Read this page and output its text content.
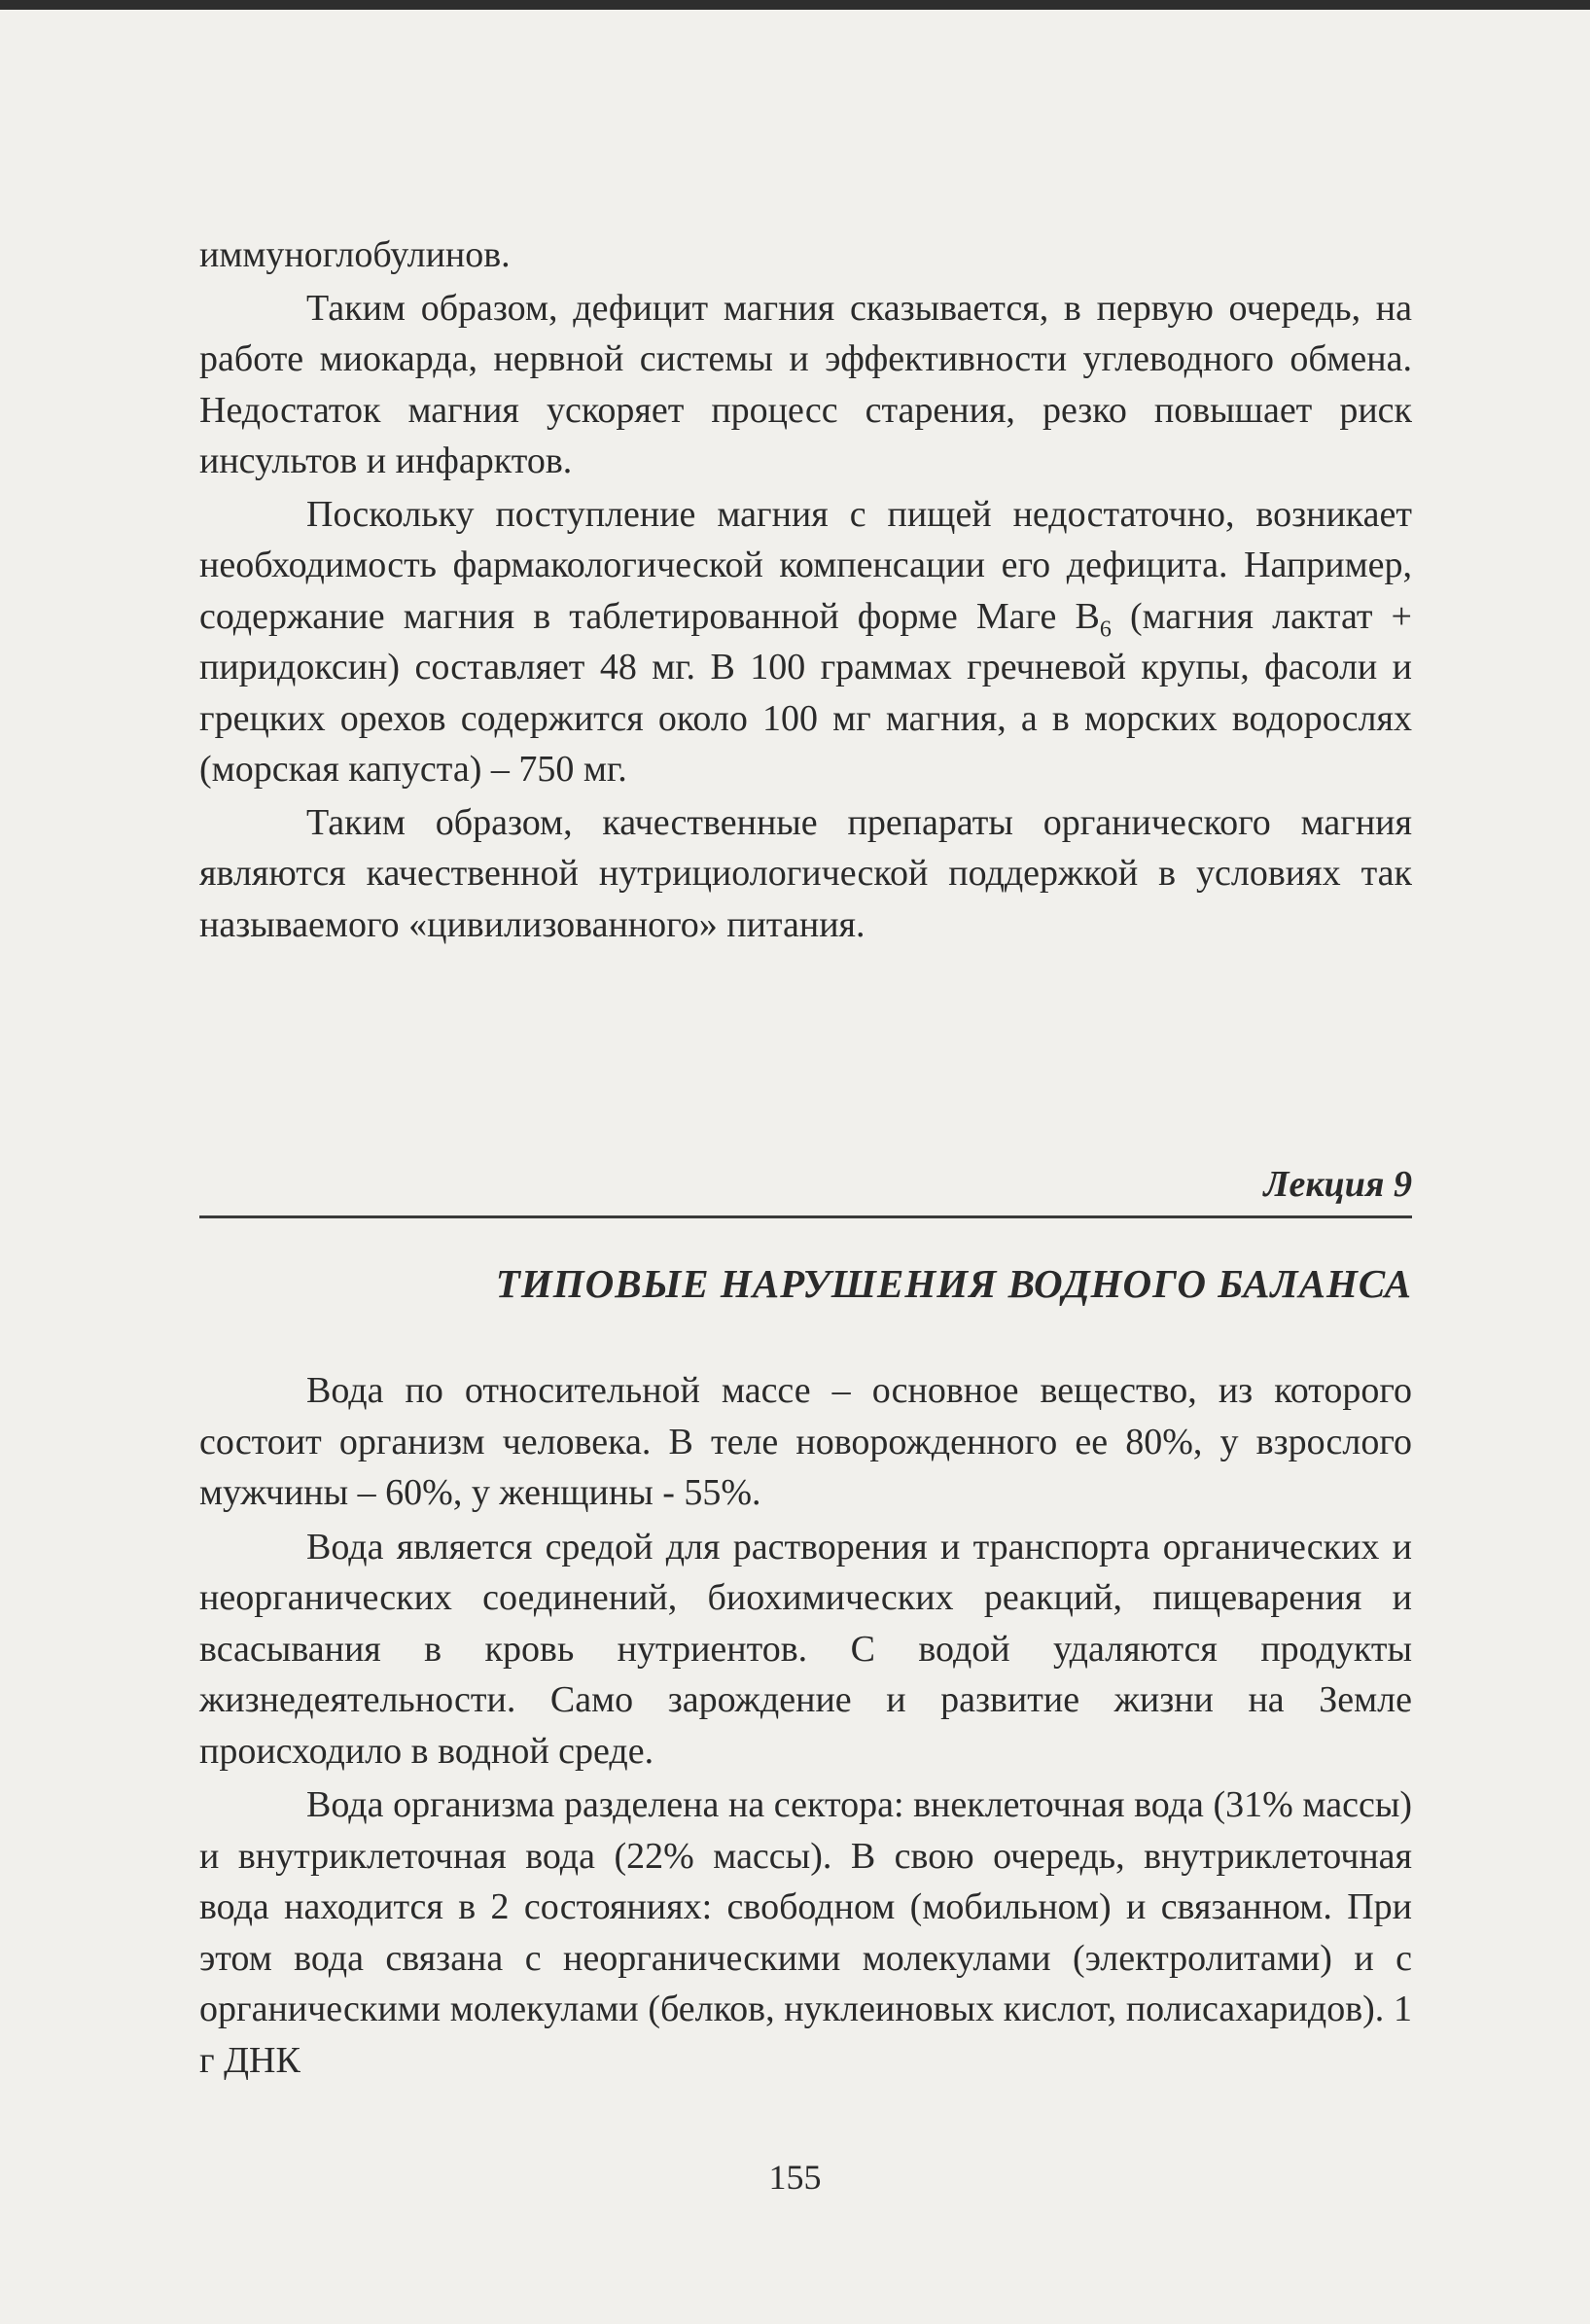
иммуноглобулинов.

Таким образом, дефицит магния сказывается, в первую очередь, на работе миокарда, нервной системы и эффективности углеводного обмена. Недостаток магния ускоряет процесс старения, резко повышает риск инсультов и инфарктов.

Поскольку поступление магния с пищей недостаточно, возникает необходимость фармакологической компенсации его дефицита. Например, содержание магния в таблетированной форме Маге $В_6$ (магния лактат + пиридоксин) составляет 48 мг. В 100 граммах гречневой крупы, фасоли и грецких орехов содержится около 100 мг магния, а в морских водорослях (морская капуста) – 750 мг.

Таким образом, качественные препараты органического магния являются качественной нутрициологической поддержкой в условиях так называемого «цивилизованного» питания.

Лекция 9
ТИПОВЫЕ НАРУШЕНИЯ ВОДНОГО БАЛАНСА

Вода по относительной массе – основное вещество, из которого состоит организм человека. В теле новорожденного ее 80%, у взрослого мужчины – 60%, у женщины - 55%.

Вода является средой для растворения и транспорта органических и неорганических соединений, биохимических реакций, пищеварения и всасывания в кровь нутриентов. С водой удаляются продукты жизнедеятельности. Само зарождение и развитие жизни на Земле происходило в водной среде.

Вода организма разделена на сектора: внеклеточная вода (31% массы) и внутриклеточная вода (22% массы). В свою очередь, внутриклеточная вода находится в 2 состояниях: свободном (мобильном) и связанном. При этом вода связана с неорганическими молекулами (электролитами) и с органическими молекулами (белков, нуклеиновых кислот, полисахаридов). 1 г ДНК

155
